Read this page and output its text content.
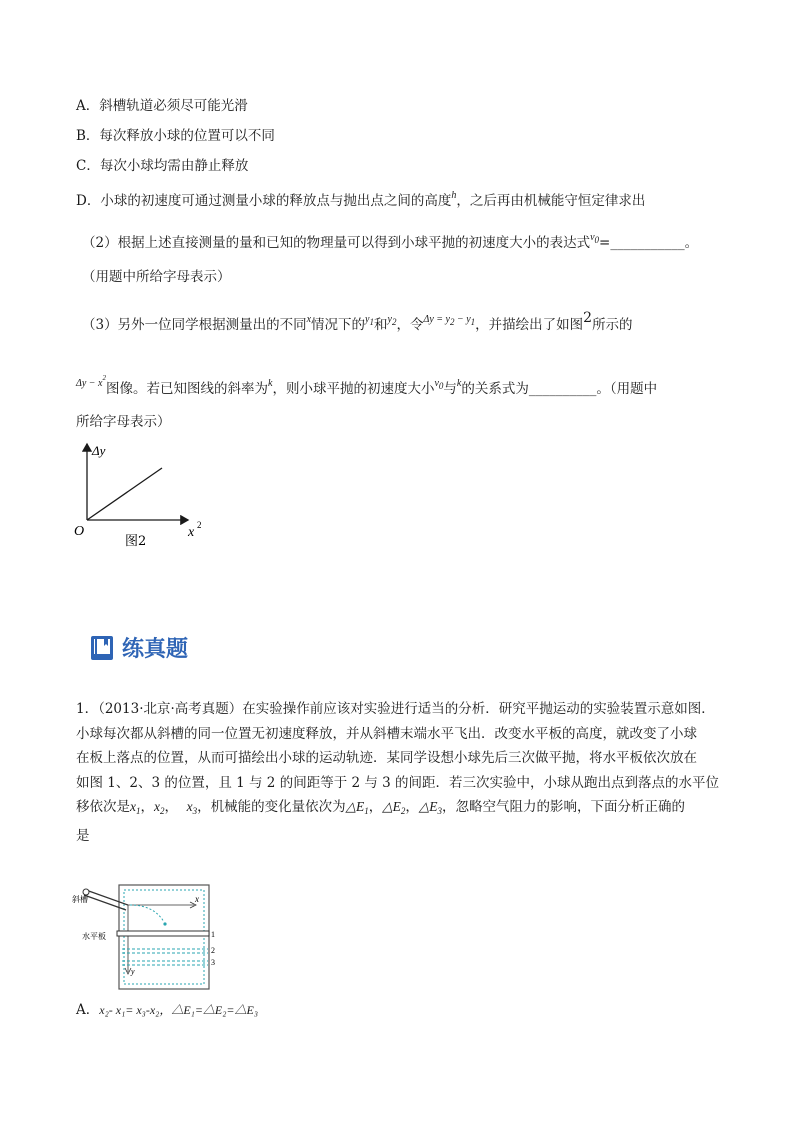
A．斜槽轨道必须尽可能光滑
B．每次释放小球的位置可以不同
C．每次小球均需由静止释放
D．小球的初速度可通过测量小球的释放点与抛出点之间的高度$^h$，之后再由机械能守恒定律求出
（2）根据上述直接测量的量和已知的物理量可以得到小球平抛的初速度大小的表达式$^{v0}$=___________。
（用题中所给字母表示）
（3）另外一位同学根据测量出的不同$^x$情况下的$^{y1}$和$^{y2}$，令$^{\Delta y = y2 - y1}$，并描绘出了如图2所示的
$^{\Delta y - x^2}$图像。若已知图线的斜率为$^k$，则小球平抛的初速度大小$^{v0}$与$^k$的关系式为__________。（用题中
所给字母表示）
Δy
x 2
O
图2
练真题
1．（2013·北京·高考真题）在实验操作前应该对实验进行适当的分析．研究平抛运动的实验装置示意如图．
小球每次都从斜槽的同一位置无初速度释放，并从斜槽末端水平飞出．改变水平板的高度，就改变了小球
在板上落点的位置，从而可描绘出小球的运动轨迹．某同学设想小球先后三次做平抛，将水平板依次放在
如图 1、2、3 的位置，且 1 与 2 的间距等于 2 与 3 的间距．若三次实验中，小球从跑出点到落点的水平位
移依次是$x_1$，$x_2$，  $x_3$，机械能的变化量依次为$\triangle E_1$，$\triangle E_2$，$\triangle E_3$，忽略空气阻力的影响，下面分析正确的
是
x
y
1
2
3
斜槽
水平板
A．x₂- x₁= x₃-x₂，△E₁=△E₂=△E₃
